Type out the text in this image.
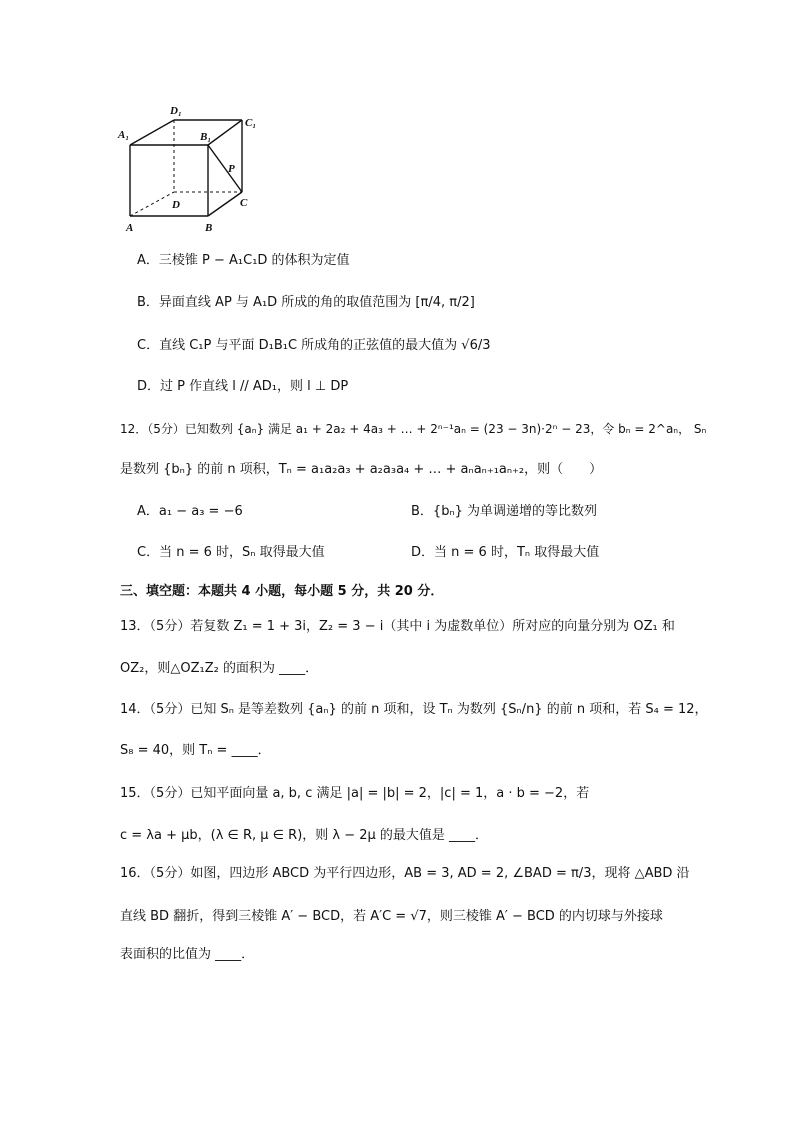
D₁
C₁
A₁	B₁
P
D	C
A	B
A．三棱锥 P − A₁C₁D 的体积为定值
B．异面直线 AP 与 A₁D 所成的角的取值范围为 [π/4, π/2]
C．直线 C₁P 与平面 D₁B₁C 所成角的正弦值的最大值为 √6/3
D．过 P 作直线 l // AD₁，则 l ⊥ DP
12．（5分）已知数列 {aₙ} 满足 a₁ + 2a₂ + 4a₃ + … + 2ⁿ⁻¹aₙ = (23 − 3n)·2ⁿ − 23，令 bₙ = 2^aₙ， Sₙ
是数列 {bₙ} 的前 n 项积，Tₙ = a₁a₂a₃ + a₂a₃a₄ + … + aₙaₙ₊₁aₙ₊₂，则（　　）
A．a₁ − a₃ = −6	B．{bₙ} 为单调递增的等比数列
C．当 n = 6 时，Sₙ 取得最大值	D．当 n = 6 时，Tₙ 取得最大值
三、填空题：本题共 4 小题，每小题 5 分，共 20 分．
13．（5分）若复数 Z₁ = 1 + 3i，Z₂ = 3 − i（其中 i 为虚数单位）所对应的向量分别为 OZ₁ 和
OZ₂，则△OZ₁Z₂ 的面积为 ____．
14．（5分）已知 Sₙ 是等差数列 {aₙ} 的前 n 项和，设 Tₙ 为数列 {Sₙ/n} 的前 n 项和，若 S₄ = 12，
S₈ = 40，则 Tₙ = ____．
15．（5分）已知平面向量 a, b, c 满足 |a| = |b| = 2，|c| = 1，a · b = −2，若
c = λa + μb，(λ ∈ R, μ ∈ R)，则 λ − 2μ 的最大值是 ____．
16．（5分）如图，四边形 ABCD 为平行四边形，AB = 3, AD = 2, ∠BAD = π/3，现将 △ABD 沿
直线 BD 翻折，得到三棱锥 A′ − BCD，若 A′C = √7，则三棱锥 A′ − BCD 的内切球与外接球
表面积的比值为 ____．
